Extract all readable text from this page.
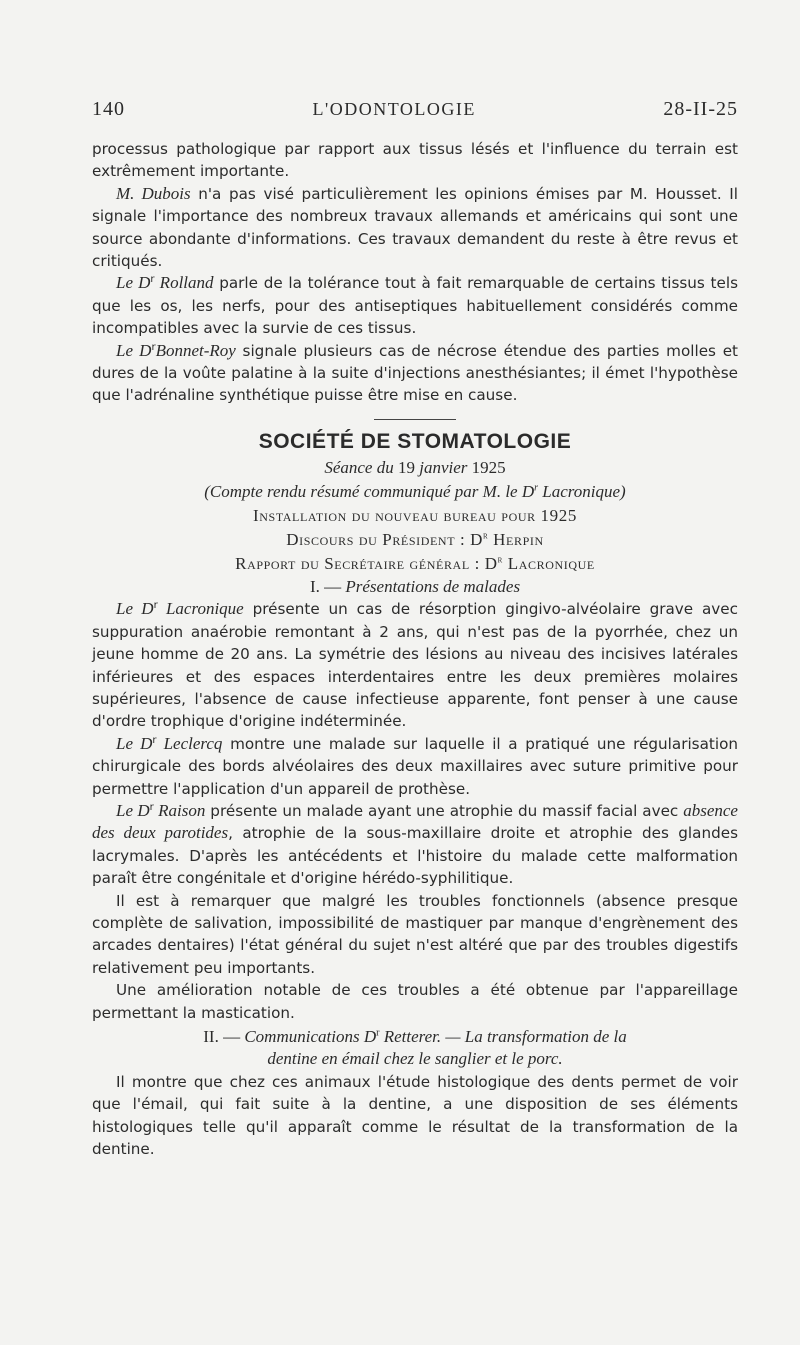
140	L'ODONTOLOGIE	28-II-25

processus pathologique par rapport aux tissus lésés et l'influence du terrain est extrêmement importante.

M. Dubois n'a pas visé particulièrement les opinions émises par M. Housset. Il signale l'importance des nombreux travaux allemands et américains qui sont une source abondante d'informations. Ces travaux demandent du reste à être revus et critiqués.

Le $D^r$ Rolland parle de la tolérance tout à fait remarquable de certains tissus tels que les os, les nerfs, pour des antiseptiques habituellement considérés comme incompatibles avec la survie de ces tissus.

Le $D^rBonnet$-Roy signale plusieurs cas de nécrose étendue des parties molles et dures de la voûte palatine à la suite d'injections anesthésiantes; il émet l'hypothèse que l'adrénaline synthétique puisse être mise en cause.

SOCIÉTÉ DE STOMATOLOGIE

Séance du 19 janvier 1925

(Compte rendu résumé communiqué par M. le $D^r$ Lacronique)

Installation du nouveau bureau pour 1925

Discours du Président : $D^r$ Herpin

Rapport du Secrétaire général : $D^r$ Lacronique

I. — Présentations de malades

Le $D^r$ Lacronique présente un cas de résorption gingivo-alvéolaire grave avec suppuration anaérobie remontant à 2 ans, qui n'est pas de la pyorrhée, chez un jeune homme de 20 ans. La symétrie des lésions au niveau des incisives latérales inférieures et des espaces interdentaires entre les deux premières molaires supérieures, l'absence de cause infectieuse apparente, font penser à une cause d'ordre trophique d'origine indéterminée.

Le $D^r$ Leclercq montre une malade sur laquelle il a pratiqué une régularisation chirurgicale des bords alvéolaires des deux maxillaires avec suture primitive pour permettre l'application d'un appareil de prothèse.

Le $D^r$ Raison présente un malade ayant une atrophie du massif facial avec absence des deux parotides, atrophie de la sous-maxillaire droite et atrophie des glandes lacrymales. D'après les antécédents et l'histoire du malade cette malformation paraît être congénitale et d'origine hérédo-syphilitique.

Il est à remarquer que malgré les troubles fonctionnels (absence presque complète de salivation, impossibilité de mastiquer par manque d'engrènement des arcades dentaires) l'état général du sujet n'est altéré que par des troubles digestifs relativement peu importants.

Une amélioration notable de ces troubles a été obtenue par l'appareillage permettant la mastication.

II. — Communications $D^r$ Retterer. — La transformation de la

dentine en émail chez le sanglier et le porc.

Il montre que chez ces animaux l'étude histologique des dents permet de voir que l'émail, qui fait suite à la dentine, a une disposition de ses éléments histologiques telle qu'il apparaît comme le résultat de la transformation de la dentine.
